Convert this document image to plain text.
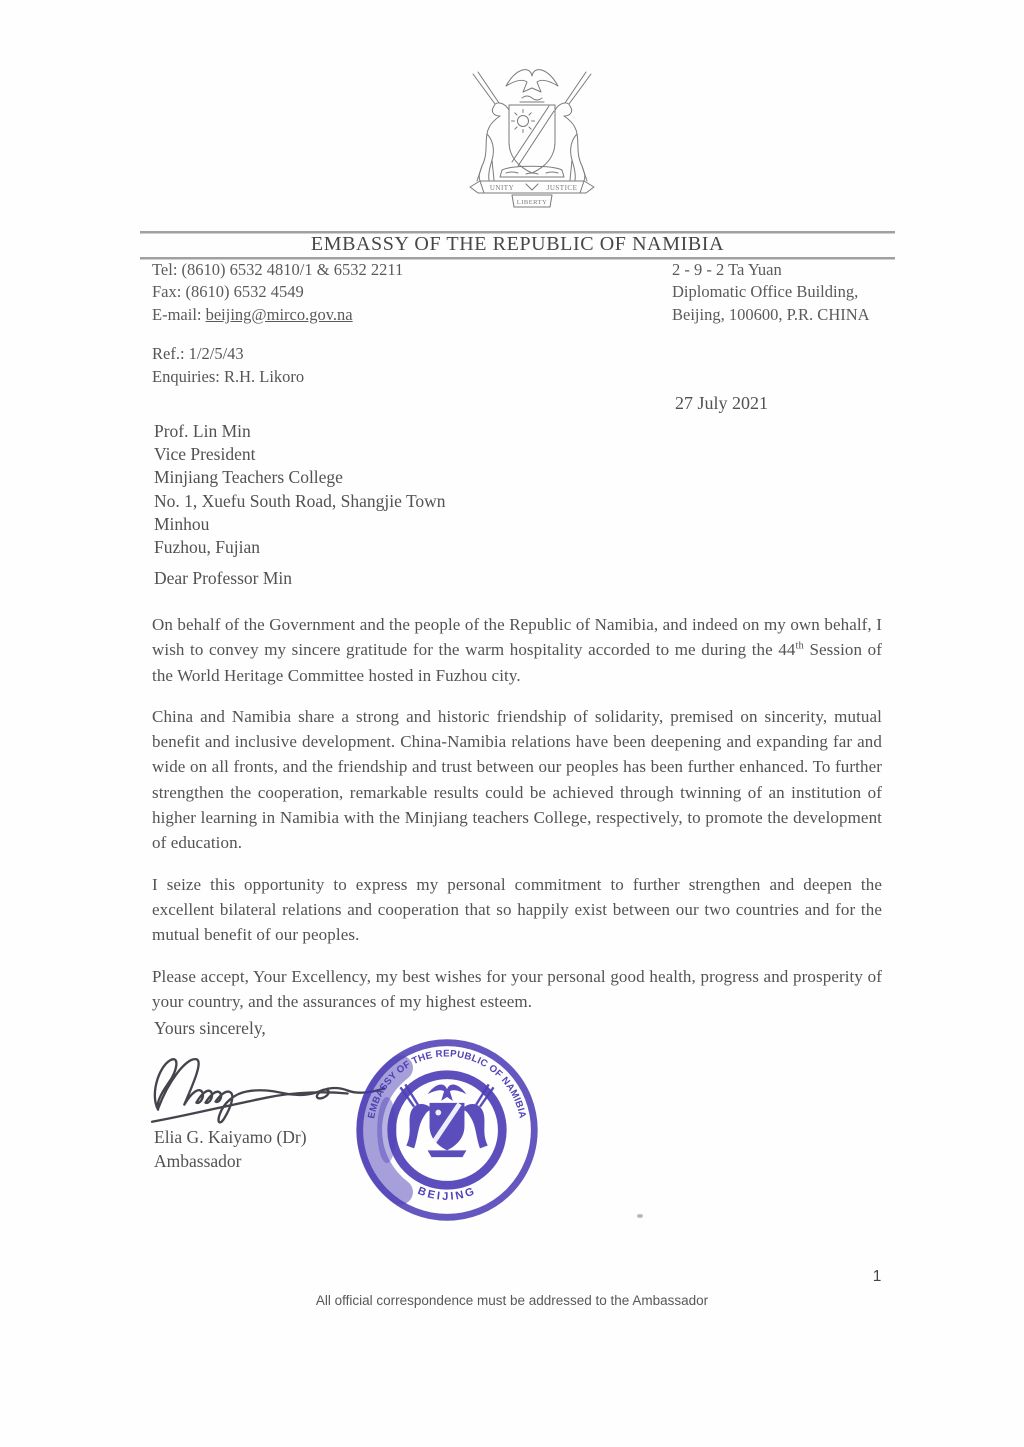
UNITY	JUSTICE
LIBERTY
EMBASSY OF THE REPUBLIC OF NAMIBIA
Tel: (8610) 6532 4810/1 & 6532 2211
Fax: (8610) 6532 4549
E-mail: beijing@mirco.gov.na
2 - 9 - 2 Ta Yuan
Diplomatic Office Building,
Beijing, 100600, P.R. CHINA
Ref.: 1/2/5/43
Enquiries: R.H. Likoro
27 July 2021
Prof. Lin Min
Vice President
Minjiang Teachers College
No. 1, Xuefu South Road, Shangjie Town
Minhou
Fuzhou, Fujian
Dear Professor Min

On behalf of the Government and the people of the Republic of Namibia, and indeed on my own behalf, I wish to convey my sincere gratitude for the warm hospitality accorded to me during the 44th Session of the World Heritage Committee hosted in Fuzhou city.

China and Namibia share a strong and historic friendship of solidarity, premised on sincerity, mutual benefit and inclusive development. China-Namibia relations have been deepening and expanding far and wide on all fronts, and the friendship and trust between our peoples has been further enhanced. To further strengthen the cooperation, remarkable results could be achieved through twinning of an institution of higher learning in Namibia with the Minjiang teachers College, respectively, to promote the development of education.

I seize this opportunity to express my personal commitment to further strengthen and deepen the excellent bilateral relations and cooperation that so happily exist between our two countries and for the mutual benefit of our peoples.

Please accept, Your Excellency, my best wishes for your personal good health, progress and prosperity of your country, and the assurances of my highest esteem.

Yours sincerely,
EMBASSY OF THE REPUBLIC OF NAMIBIA
BEIJING
Elia G. Kaiyamo (Dr)
Ambassador
1
All official correspondence must be addressed to the Ambassador
